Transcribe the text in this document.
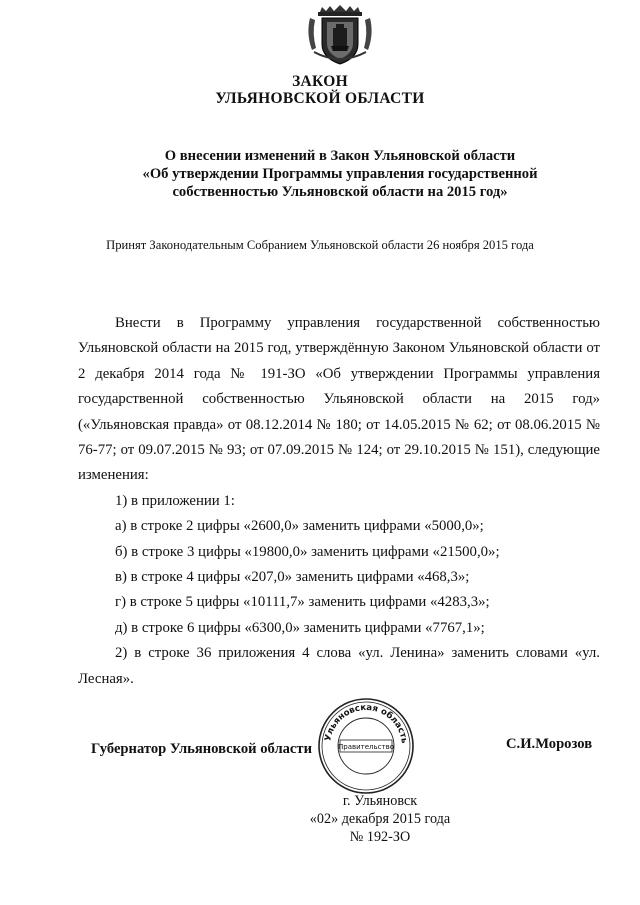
ЗАКОН
УЛЬЯНОВСКОЙ ОБЛАСТИ
О внесении изменений в Закон Ульяновской области
«Об утверждении Программы управления государственной
собственностью Ульяновской области на 2015 год»
Принят Законодательным Собранием Ульяновской области 26 ноября 2015 года

Внести в Программу управления государственной собственностью Ульяновской области на 2015 год, утверждённую Законом Ульяновской области от 2 декабря 2014 года № 191-ЗО «Об утверждении Программы управления государственной собственностью Ульяновской области на 2015 год» («Ульяновская правда» от 08.12.2014 № 180; от 14.05.2015 № 62; от 08.06.2015 № 76-77; от 09.07.2015 № 93; от 07.09.2015 № 124; от 29.10.2015 № 151), следующие изменения:

1) в приложении 1:

а) в строке 2 цифры «2600,0» заменить цифрами «5000,0»;

б) в строке 3 цифры «19800,0» заменить цифрами «21500,0»;

в) в строке 4 цифры «207,0» заменить цифрами «468,3»;

г) в строке 5 цифры «10111,7» заменить цифрами «4283,3»;

д) в строке 6 цифры «6300,0» заменить цифрами «7767,1»;

2) в строке 36 приложения 4 слова «ул. Ленина» заменить словами «ул. Лесная».

Губернатор Ульяновской области	С.И.Морозов
Ульяновская область
Правительство
г. Ульяновск
«02» декабря 2015 года
№ 192-ЗО
